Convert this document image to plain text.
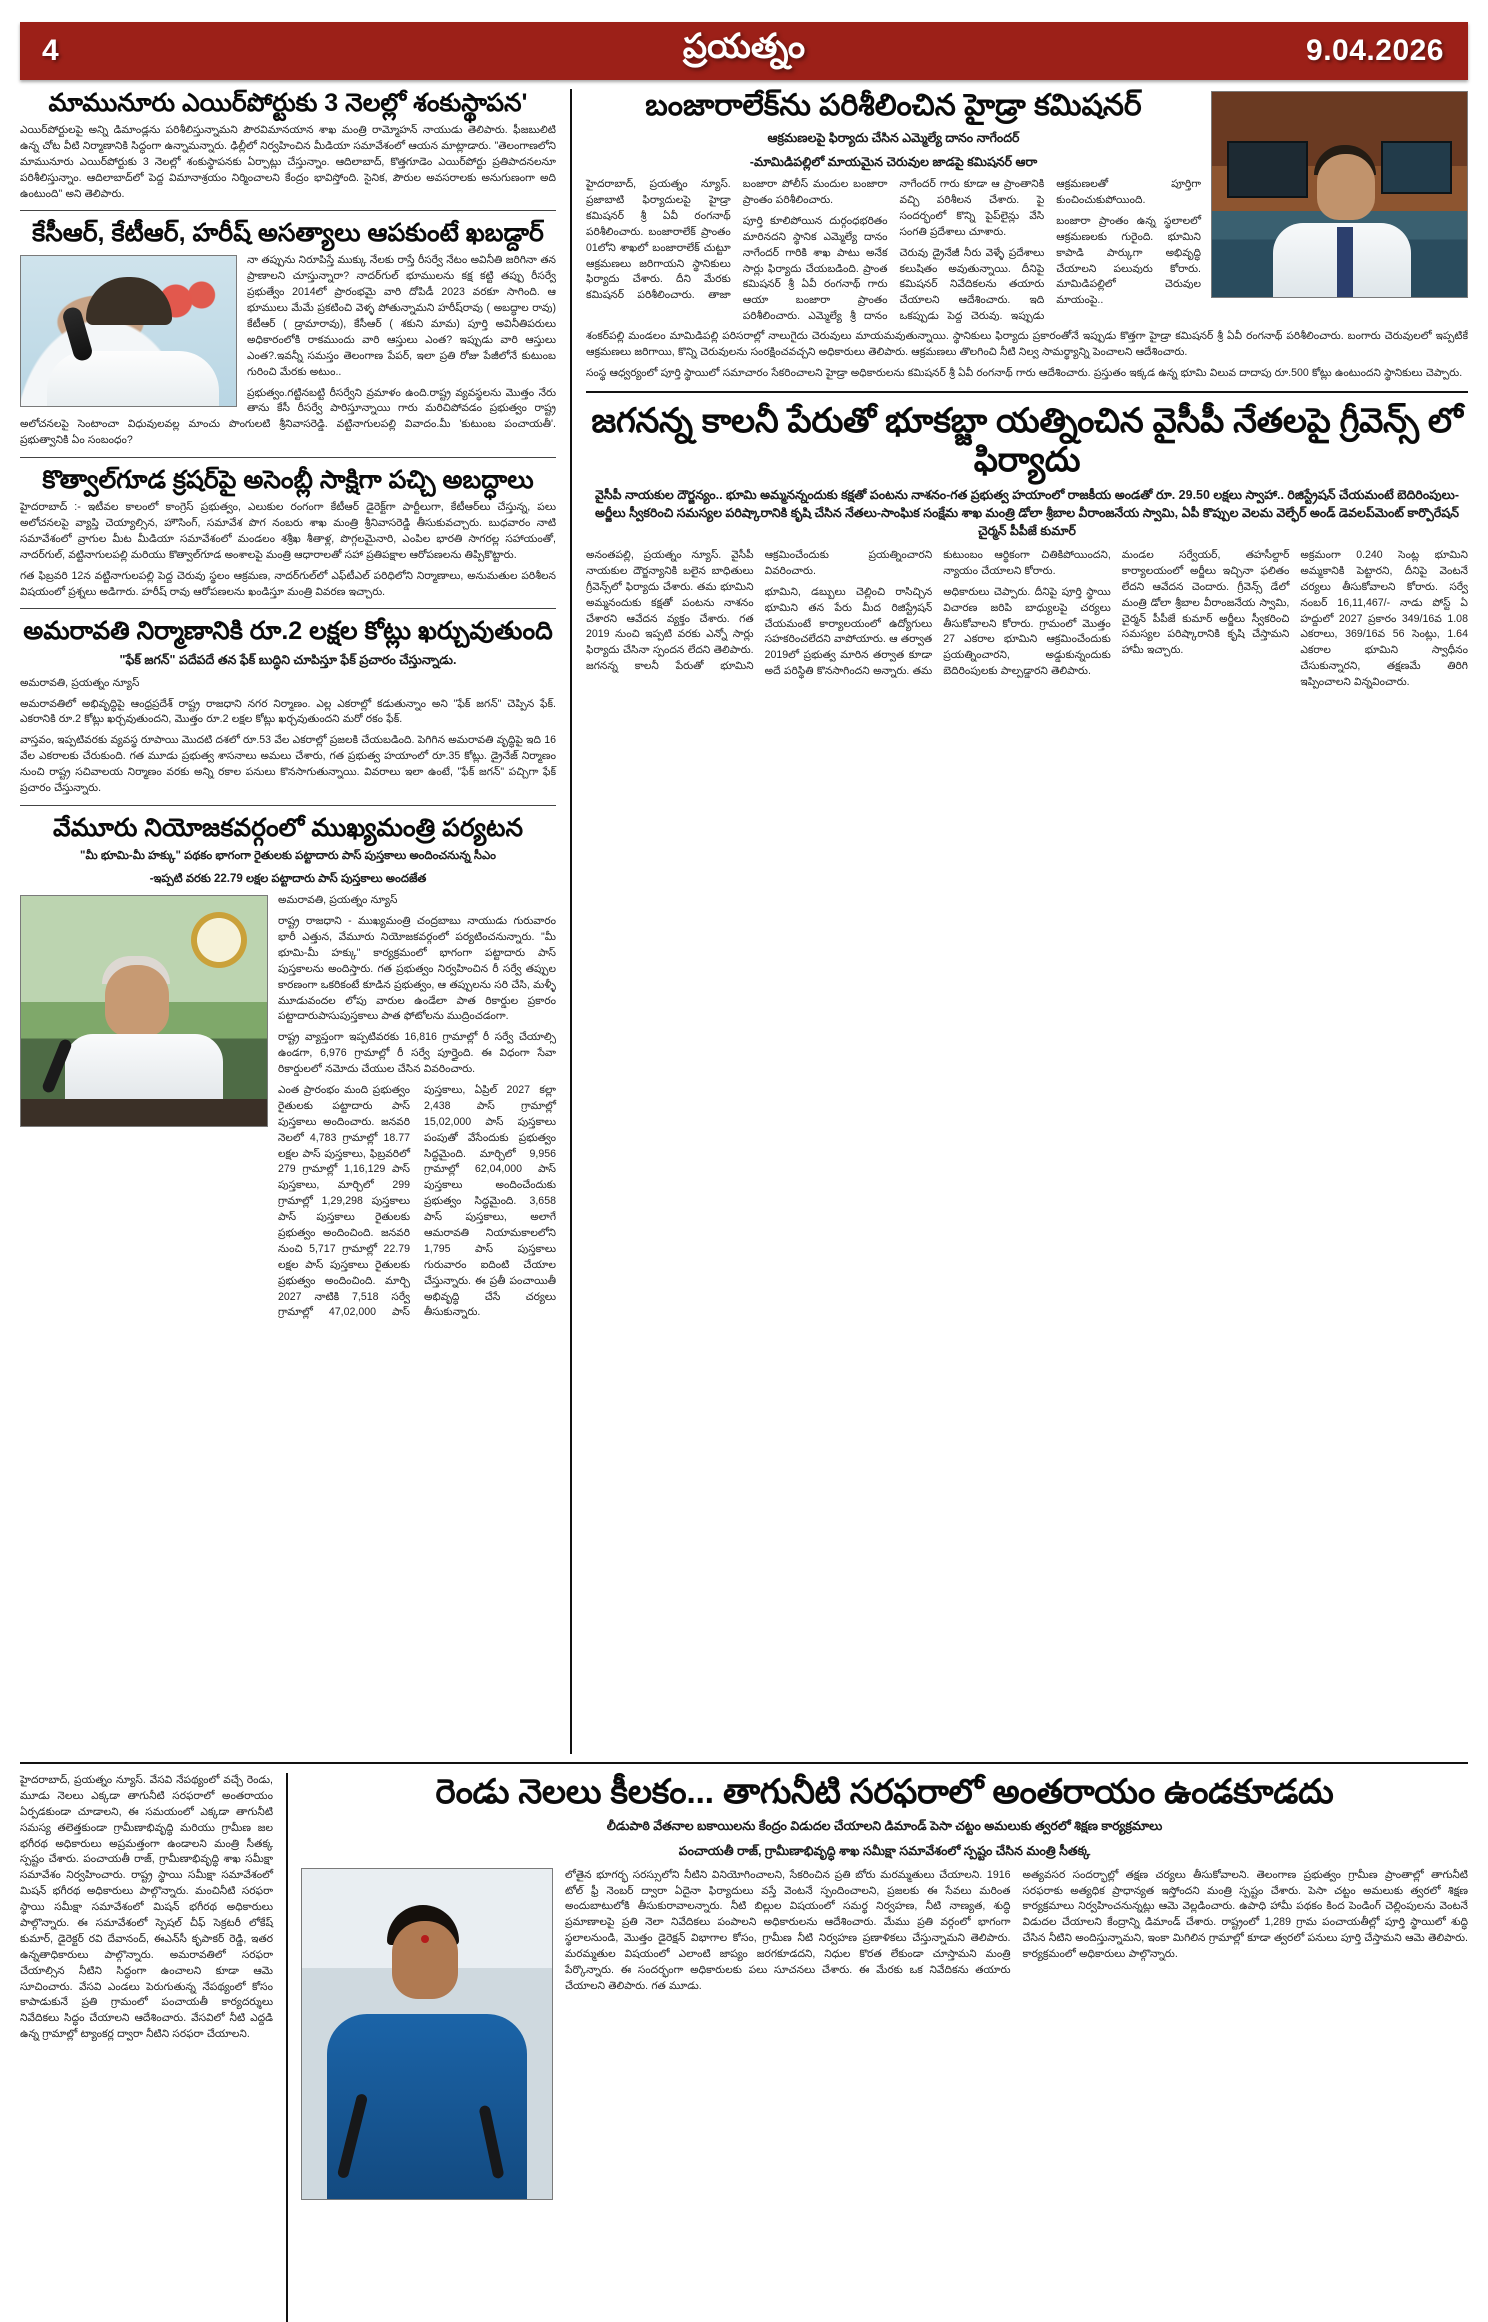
4	ప్రయత్నం	9.04.2026
మామునూరు ఎయిర్‌పోర్టుకు 3 నెలల్లో శంకుస్థాపన'

ఎయిర్‌పోర్టులపై అన్ని డిమాండ్లను పరిశీలిస్తున్నామని పౌరవిమానయాన శాఖ మంత్రి రామ్మోహన్ నాయుడు తెలిపారు. ఫీజబులిటి ఉన్న చోట వీటి నిర్మాణానికి సిద్ధంగా ఉన్నామన్నారు. ఢిల్లీలో నిర్వహించిన మీడియా సమావేశంలో ఆయన మాట్లాడారు. "తెలంగాణలోని మామునూరు ఎయిర్‌పోర్టుకు 3 నెలల్లో శంకుస్థాపనకు ఏర్పాట్లు చేస్తున్నాం. ఆదిలాబాద్, కొత్తగూడెం ఎయిర్‌పోర్టు ప్రతిపాదనలనూ పరిశీలిస్తున్నాం. ఆదిలాబాద్‌లో పెద్ద విమానాశ్రయం నిర్మించాలని కేంద్రం భావిస్తోంది. సైనిక, పౌరుల అవసరాలకు అనుగుణంగా అది ఉంటుంది" అని తెలిపారు.

కేసీఆర్, కేటీఆర్, హరీష్ అసత్యాలు ఆపకుంటే ఖబడ్దార్

నా తప్పును నిరూపిస్తే ముక్కు నేలకు రాస్తే రీసర్వే నేటం అవినీతి జరిగినా తన ప్రాణాలని చూస్తున్నారా? నాదర్‌గుల్ భూములను కక్ష కట్టి తప్పు రీసర్వే ప్రభుత్వేం 2014లో ప్రారంభమై వారి దోపిడీ 2023 వరకూ సాగింది. ఆ భూములు మేమే ప్రకటించి వెళ్ళ పోతున్నామని హరీష్‌రావు ( అబద్ధాల రావు) కేటీఆర్ ( డ్రామారావు), కేసీఆర్ ( శకుని మామ) పూర్తి అవినీతిపరులు అధికారంలోకి రాకముందు వారి ఆస్తులు ఎంత? ఇప్పుడు వారి ఆస్తులు ఎంత?.ఇవన్నీ సమస్తం తెలంగాణ పేపర్, ఇలా ప్రతి రోజు పేజీలోనే కుటుంబ గురించి మేరకు అటుం..

ప్రభుత్వం.గట్టినబట్టి రీసర్వేని వ్రమాళం ఉంది.రాష్ట్ర వ్యవస్థలను మొత్తం నేరు తాను కేసీ రీసర్వే పారిస్తూన్నాయి గారు మరిచిపోవడం ప్రభుత్వం రాష్ట్ర అలోచనలపై సెంటాంచా విధువులవల్ల మాంచు పొంగులటి శ్రీనివాసరెడ్డి. వట్టినాగులపల్లి వివాదం.మీ 'కుటుంబ పంచాయతీ'. ప్రభుత్వానికి ఏం సంబంధం?

కొత్వాల్‌గూడ క్రషర్‌పై అసెంబ్లీ సాక్షిగా పచ్చి అబద్ధాలు

హైదరాబాద్ :- ఇటీవల కాలంలో కాంగ్రెస్ ప్రభుత్వం, ఎలుకుల రంగంగా కేటీఆర్ డైరెక్ట్‌గా పార్టీలుగా, కేటీఆర్‌లు చేస్తున్న, పలు అలోచనలపై వ్యాప్తి చెయ్యాల్సిన, హౌసింగ్, సమావేశ పొగ నంబరు శాఖ మంత్రి శ్రీనివాసరెడ్డి తీసుకువచ్చారు. బుధవారం నాటి సమావేశంలో వ్రాగుల మీట మీడియా సమావేశంలో మండలం శశ్రీఖ శీతాళ్ల, పొగ్గలమైనారి, ఎంపిల భారతి సాగరల్ల సహాయంతో, నాదర్‌గుల్, వట్టినాగులపల్లి మరియు కొత్వాల్‌గూడ అంశాలపై మంత్రి ఆధారాలతో సహా ప్రతిపక్షాల ఆరోపణలను తిప్పికొట్టారు.

గత ఫిబ్రవరి 12న వట్టినాగులపల్లి పెద్ద చెరువు స్థలం ఆక్రమణ, నాదర్‌గుల్‌లో ఎఫ్‌టీఎల్ పరిధిలోని నిర్మాణాలు, అనుమతుల పరిశీలన విషయంలో ప్రశ్నలు అడిగారు. హరీష్ రావు ఆరోపణలను ఖండిస్తూ మంత్రి వివరణ ఇచ్చారు.

అమరావతి నిర్మాణానికి రూ.2 లక్షల కోట్లు ఖర్చువుతుంది
"ఫేక్ జగన్" పదేపదే తన ఫేక్ బుద్ధిని చూపిస్తూ ఫేక్ ప్రచారం చేస్తున్నాడు.

అమరావతి, ప్రయత్నం న్యూస్

అమరావతిలో అభివృద్ధిపై ఆంధ్రప్రదేశ్ రాష్ట్ర రాజధాని నగర నిర్మాణం. ఎల్ల ఎకరాల్లో కడుతున్నాం అని "ఫేక్ జగన్" చెప్పిన ఫేక్. ఎకరానికి రూ.2 కోట్లు ఖర్చవుతుందని, మొత్తం రూ.2 లక్షల కోట్లు ఖర్చవుతుందని మరో రకం ఫేక్.

వాస్తవం, ఇప్పటివరకు వ్యవస్థ రూపాయి మెుదటి దశలో రూ.53 వేల ఎకరాల్లో ప్రజలకి చేయబడింది. పెగిగిన అమరావతి వృద్ధిపై ఇది 16 వేల ఎకరాలకు చేరుకుంది. గత మూడు ప్రభుత్వ శాసనాలు అమలు చేశారు, గత ప్రభుత్వ హయాంలో రూ.35 కోట్లు. డ్రైనేజ్ నిర్మాణం నుంచి రాష్ట్ర సచివాలయ నిర్మాణం వరకు అన్ని రకాల పనులు కొనసాగుతున్నాయి. వివరాలు ఇలా ఉంటే, "ఫేక్ జగన్" పచ్చిగా ఫేక్ ప్రచారం చేస్తున్నారు.

వేమూరు నియోజకవర్గంలో ముఖ్యమంత్రి పర్యటన
"మీ భూమి-మీ హక్కు" పథకం భాగంగా రైతులకు పట్టాదారు పాస్ పుస్తకాలు అందించనున్న సీఎం
-ఇప్పటి వరకు 22.79 లక్షల పట్టాదారు పాస్ పుస్తకాలు అందజేత

అమరావతి, ప్రయత్నం న్యూస్

రాష్ట్ర రాజధాని - ముఖ్యమంత్రి చంద్రబాబు నాయుడు గురువారం భారీ ఎత్తున, వేమూరు నియోజకవర్గంలో పర్యటించనున్నారు. "మీ భూమి-మీ హక్కు" కార్యక్రమంలో భాగంగా పట్టాదారు పాస్ పుస్తకాలను అందిస్తారు. గత ప్రభుత్వం నిర్వహించిన రీ సర్వే తప్పుల కారణంగా ఒకరికంటే కూడిన ప్రభుత్వం, ఆ తప్పులను సరి చేసి, మళ్ళీ మూడువందల లోపు వారుల ఉండేలా పాత రికార్డుల ప్రకారం పట్టాదారుపాసుపుస్తకాలు పాత ఫోటోలను ముద్రించడంగా.

రాష్ట్ర వ్యాప్తంగా ఇప్పటివరకు 16,816 గ్రామాల్లో రీ సర్వే చేయాల్సి ఉండగా, 6,976 గ్రామాల్లో రీ సర్వే పూర్తైంది. ఈ విధంగా సేవా రికార్డులలో నమోదు చేయుల చేసిన వివరించారు.

ఎంత ప్రారంభం మంది ప్రభుత్వం రైతులకు పట్టాదారు పాస్ పుస్తకాలు అందించారు. జనవరి నెలలో 4,783 గ్రామాల్లో 18.77 లక్షల పాస్ పుస్తకాలు, ఫిబ్రవరిలో 279 గ్రామాల్లో 1,16,129 పాస్ పుస్తకాలు, మార్చిలో 299 గ్రామాల్లో 1,29,298 పుస్తకాలు పాస్ పుస్తకాలు రైతులకు ప్రభుత్వం అందించింది. జనవరి నుంచి 5,717 గ్రామాల్లో 22.79 లక్షల పాస్ పుస్తకాలు రైతులకు ప్రభుత్వం అందించింది. మార్చి 2027 నాటికి 7,518 సర్వే గ్రామాల్లో 47,02,000 పాస్ పుస్తకాలు, ఏప్రిల్ 2027 కల్లా 2,438 పాస్ గ్రామాల్లో 15,02,000 పాస్ పుస్తకాలు పంపుతో వేసేందుకు ప్రభుత్వం సిద్ధమైంది. మార్చిలో 9,956 గ్రామాల్లో 62,04,000 పాస్ పుస్తకాలు అందించేందుకు ప్రభుత్వం సిద్ధమైంది. 3,658 పాస్ పుస్తకాలు, అలాగే ఆమరావతి నియామకాలలోని 1,795 పాస్ పుస్తకాలు గురువారం ఐదింటి చేయాల చేస్తున్నారు. ఈ ప్రతీ పంచాయితీ అభివృద్ధి చేసే చర్యలు తీసుకున్నారు.

బంజారాలేక్‌ను పరిశీలించిన హైడ్రా కమిషనర్
ఆక్రమణలపై ఫిర్యాదు చేసిన ఎమ్మెల్యే దానం నాగేందర్
-మామిడిపల్లిలో మాయమైన చెరువుల జాడపై కమిషనర్ ఆరా

హైదరాబాద్, ప్రయత్నం న్యూస్. ప్రజాబాటి ఫిర్యాదులపై హైడ్రా కమిషనర్ శ్రీ ఏవీ రంగనాథ్ పరిశీలించారు. బంజారాలేక్ ప్రాంతం 01లోని శాఖలో బంజారాలేక్ చుట్టూ ఆక్రమణలు జరిగాయని స్థానికులు ఫిర్యాదు చేశారు. దీని మేరకు కమిషనర్ పరిశీలించారు. తాజా బంజారా పోలీస్ మందుల బంజారా ప్రాంతం పరిశీలించారు.

పూర్తి కూలిపోయిన దుర్గంధభరితం మారినదని స్థానిక ఎమ్మెల్యే దానం నాగేందర్ గారికి శాఖ పాటు అనేక సార్లు ఫిర్యాదు చేయబడింది. ప్రాంత కమిషనర్ శ్రీ ఏవీ రంగనాథ్ గారు ఆయా బంజారా ప్రాంతం పరిశీలించారు. ఎమ్మెల్యే శ్రీ దానం నాగేందర్ గారు కూడా ఆ ప్రాంతానికి వచ్చి పరిశీలన చేశారు. పై సందర్భంలో కొన్ని పైప్‌లైన్లు వేసి సంగతి ప్రదేశాలు చూశారు.

చెరువు డ్రైనేజీ నీరు వెళ్ళే ప్రదేశాలు కలుషితం అవుతున్నాయి. దీనిపై కమిషనర్ నివేదికలను తయారు చేయాలని ఆదేశించారు. ఇది ఒకప్పుడు పెద్ద చెరువు. ఇప్పుడు ఆక్రమణలతో పూర్తిగా కుంచించుకుపోయింది.

బంజారా ప్రాంతం ఉన్న స్థలాలలో ఆక్రమణలకు గురైంది. భూమిని కాపాడి పార్కుగా అభివృద్ధి చేయాలని పలువురు కోరారు. మామిడిపల్లిలో చెరువుల మాయంపై..

శంకర్‌పల్లి మండలం మామిడిపల్లి పరిసరాల్లో నాలుగైదు చెరువులు మాయమవుతున్నాయి. స్థానికులు ఫిర్యాదు ప్రకారంతోనే ఇప్పుడు కొత్తగా హైడ్రా కమిషనర్ శ్రీ ఏవీ రంగనాథ్ పరిశీలించారు. బంగారు చెరువులలో ఇప్పటికే ఆక్రమణలు జరిగాయి, కొన్ని చెరువులను సంరక్షించవచ్చని అధికారులు తెలిపారు. ఆక్రమణలు తొలగించి నీటి నిల్వ సామర్థ్యాన్ని పెంచాలని ఆదేశించారు.

సంస్థ ఆధ్వర్యంలో పూర్తి స్థాయిలో సమాచారం సేకరించాలని హైడ్రా అధికారులను కమిషనర్ శ్రీ ఏవీ రంగనాథ్ గారు ఆదేశించారు. ప్రస్తుతం ఇక్కడ ఉన్న భూమి విలువ దాదాపు రూ.500 కోట్లు ఉంటుందని స్థానికులు చెప్పారు.

జగనన్న కాలనీ పేరుతో భూకబ్జా యత్నించిన వైసీపీ నేతలపై గ్రీవెన్స్ లో ఫిర్యాదు
వైసీపీ నాయకుల దౌర్జన్యం.. భూమి అమ్మనన్నందుకు కక్షతో పంటను నాశనం-గత ప్రభుత్వ హయాంలో రాజకీయ అండతో రూ. 29.50 లక్షలు స్వాహా.. రిజిస్ట్రేషన్ చేయమంటే బెదిరింపులు-అర్జీలు స్వీకరించి సమస్యల పరిష్కారానికి కృషి చేసిన నేతలు-సాంఘిక సంక్షేమ శాఖ మంత్రి డోలా శ్రీబాల వీరాంజనేయ స్వామి, ఏపీ కొప్పుల వెలమ వెల్ఫేర్ అండ్ డెవలప్‌మెంట్ కార్పొరేషన్ చైర్మన్ పీపీజే కుమార్

అనంతపల్లి, ప్రయత్నం న్యూస్. వైసీపీ నాయకుల దౌర్జన్యానికి బలైన బాధితులు గ్రీవెన్స్‌లో ఫిర్యాదు చేశారు. తమ భూమిని అమ్మనందుకు కక్షతో పంటను నాశనం చేశారని ఆవేదన వ్యక్తం చేశారు. గత 2019 నుంచి ఇప్పటి వరకు ఎన్నో సార్లు ఫిర్యాదు చేసినా స్పందన లేదని తెలిపారు. జగనన్న కాలనీ పేరుతో భూమిని ఆక్రమించేందుకు ప్రయత్నించారని వివరించారు.

భూమిని, డబ్బులు చెల్లించి రాసిచ్చిన భూమిని తన పేరు మీద రిజిస్ట్రేషన్ చేయమంటే కార్యాలయంలో ఉద్యోగులు సహకరించలేదని వాపోయారు. ఆ తర్వాత 2019లో ప్రభుత్వ మారిన తర్వాత కూడా అదే పరిస్థితి కొనసాగిందని అన్నారు. తమ కుటుంబం ఆర్థికంగా చితికిపోయిందని, న్యాయం చేయాలని కోరారు.

అధికారులు చెప్పారు. దీనిపై పూర్తి స్థాయి విచారణ జరిపి బాధ్యులపై చర్యలు తీసుకోవాలని కోరారు. గ్రామంలో మొత్తం 27 ఎకరాల భూమిని ఆక్రమించేందుకు ప్రయత్నించారని, అడ్డుకున్నందుకు బెదిరింపులకు పాల్పడ్డారని తెలిపారు.

మండల సర్వేయర్, తహసీల్దార్ కార్యాలయంలో అర్జీలు ఇచ్చినా ఫలితం లేదని ఆవేదన చెందారు. గ్రీవెన్స్ డేలో మంత్రి డోలా శ్రీబాల వీరాంజనేయ స్వామి, చైర్మన్ పీపీజే కుమార్ అర్జీలు స్వీకరించి సమస్యల పరిష్కారానికి కృషి చేస్తామని హామీ ఇచ్చారు.

అక్రమంగా 0.240 సెంట్ల భూమిని అమ్మకానికి పెట్టారని, దీనిపై వెంటనే చర్యలు తీసుకోవాలని కోరారు. సర్వే నంబర్ 16,11,467/- నాడు పోస్ట్ ఏ హద్దులో 2027 ప్రకారం 349/16వ 1.08 ఎకరాలు, 369/16వ 56 సెంట్లు, 1.64 ఎకరాల భూమిని స్వాధీనం చేసుకున్నారని, తక్షణమే తిరిగి ఇప్పించాలని విన్నవించారు.

హైదరాబాద్, ప్రయత్నం న్యూస్. వేసవి నేపథ్యంలో వచ్చే రెండు, మూడు నెలలు ఎక్కడా తాగునీటి సరఫరాలో అంతరాయం ఏర్పడకుండా చూడాలని, ఈ సమయంలో ఎక్కడా తాగునీటి సమస్య తలెత్తకుండా గ్రామీణాభివృద్ధి మరియు గ్రామీణ జల భగీరథ అధికారులు అప్రమత్తంగా ఉండాలని మంత్రి సీతక్క స్పష్టం చేశారు. పంచాయతీ రాజ్, గ్రామీణాభివృద్ధి శాఖ సమీక్షా సమావేశం నిర్వహించారు. రాష్ట్ర స్థాయి సమీక్షా సమావేశంలో మిషన్ భగీరథ అధికారులు పాల్గొన్నారు. మంచినీటి సరఫరా స్థాయి సమీక్షా సమావేశంలో మిషన్ భగీరథ అధికారులు పాల్గొన్నారు. ఈ సమావేశంలో స్పెషల్ చీఫ్ సెక్రటరీ లోకేష్ కుమార్, డైరెక్టర్ రవి దేవానంద్, ఈఎన్‌సీ కృపాకర్ రెడ్డి, ఇతర ఉన్నతాధికారులు పాల్గొన్నారు. అమరావతిలో సరఫరా చేయాల్సిన నీటిని సిద్ధంగా ఉంచాలని కూడా ఆమె సూచించారు. వేసవి ఎండలు పెరుగుతున్న నేపథ్యంలో కోసం కాపాడుకునే ప్రతి గ్రామంలో పంచాయతీ కార్యదర్శులు నివేదికలు సిద్ధం చేయాలని ఆదేశించారు. వేసవిలో నీటి ఎద్దడి ఉన్న గ్రామాల్లో ట్యాంకర్ల ద్వారా నీటిని సరఫరా చేయాలని.

రెండు నెలలు కీలకం... తాగునీటి సరఫరాలో అంతరాయం ఉండకూడదు
లీడుపాఠి వేతనాల బకాయిలను కేంద్రం విడుదల చేయాలని డిమాండ్ పెసా చట్టం అమలుకు త్వరలో శిక్షణ కార్యక్రమాలు
పంచాయతీ రాజ్, గ్రామీణాభివృద్ధి శాఖ సమీక్షా సమావేశంలో స్పష్టం చేసిన మంత్రి సీతక్క

లోతైన భూగర్భ సరస్సులోని నీటిని వినియోగించాలని, సేకరించిన ప్రతి బోరు మరమ్మతులు చేయాలని. 1916 టోల్ ఫ్రీ నెంబర్ ద్వారా ఏదైనా ఫిర్యాదులు వస్తే వెంటనే స్పందించాలని, ప్రజలకు ఈ సేవలు మరింత అందుబాటులోకి తీసుకురావాలన్నారు. నీటి బిల్లుల విషయంలో సమర్థ నిర్వహణ, నీటి నాణ్యత, శుద్ధి ప్రమాణాలపై ప్రతి నెలా నివేదికలు పంపాలని అధికారులను ఆదేశించారు. మేము ప్రతి వర్గంలో భాగంగా స్థలాలనుండి, మొత్తం డైరెక్షన్ విభాగాల కోసం, గ్రామీణ నీటి నిర్వహణ ప్రణాళికలు చేస్తున్నామని తెలిపారు. మరమ్మతుల విషయంలో ఎలాంటి జాప్యం జరగకూడదని, నిధుల కొరత లేకుండా చూస్తామని మంత్రి పేర్కొన్నారు. ఈ సందర్భంగా అధికారులకు పలు సూచనలు చేశారు. ఈ మేరకు ఒక నివేదికను తయారు చేయాలని తెలిపారు. గత మూడు.

అత్యవసర సందర్భాల్లో తక్షణ చర్యలు తీసుకోవాలని. తెలంగాణ ప్రభుత్వం గ్రామీణ ప్రాంతాల్లో తాగునీటి సరఫరాకు అత్యధిక ప్రాధాన్యత ఇస్తోందని మంత్రి స్పష్టం చేశారు. పెసా చట్టం అమలుకు త్వరలో శిక్షణ కార్యక్రమాలు నిర్వహించనున్నట్లు ఆమె వెల్లడించారు. ఉపాధి హామీ పథకం కింద పెండింగ్ చెల్లింపులను వెంటనే విడుదల చేయాలని కేంద్రాన్ని డిమాండ్ చేశారు. రాష్ట్రంలో 1,289 గ్రామ పంచాయతీల్లో పూర్తి స్థాయిలో శుద్ధి చేసిన నీటిని అందిస్తున్నామని, ఇంకా మిగిలిన గ్రామాల్లో కూడా త్వరలో పనులు పూర్తి చేస్తామని ఆమె తెలిపారు. కార్యక్రమంలో అధికారులు పాల్గొన్నారు.
